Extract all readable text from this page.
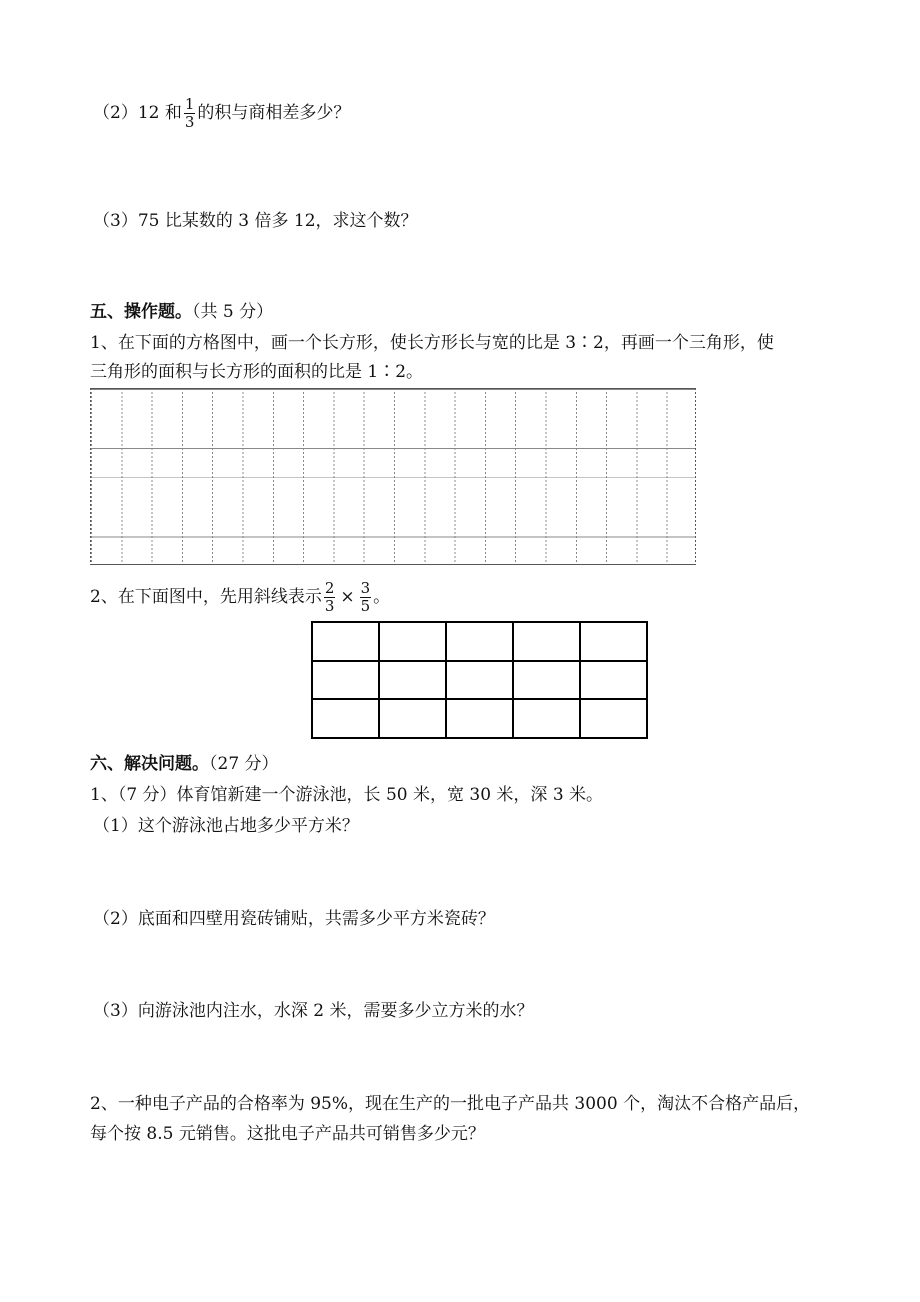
（2）12 和 $\frac{1}{3}$ 的积与商相差多少？
（3）75 比某数的 3 倍多 12，求这个数？
五、操作题。（共 5 分）
1、在下面的方格图中，画一个长方形，使长方形长与宽的比是 3∶2，再画一个三角形，使
三角形的面积与长方形的面积的比是 1∶2。
2、在下面图中，先用斜线表示 $\frac{2}{3} \times \frac{3}{5}$ 。

六、解决问题。（27 分）
1、（7 分）体育馆新建一个游泳池，长 50 米，宽 30 米，深 3 米。
（1）这个游泳池占地多少平方米？
（2）底面和四壁用瓷砖铺贴，共需多少平方米瓷砖？
（3）向游泳池内注水，水深 2 米，需要多少立方米的水？
2、一种电子产品的合格率为 95%，现在生产的一批电子产品共 3000 个，淘汰不合格产品后，
每个按 8.5 元销售。这批电子产品共可销售多少元？
